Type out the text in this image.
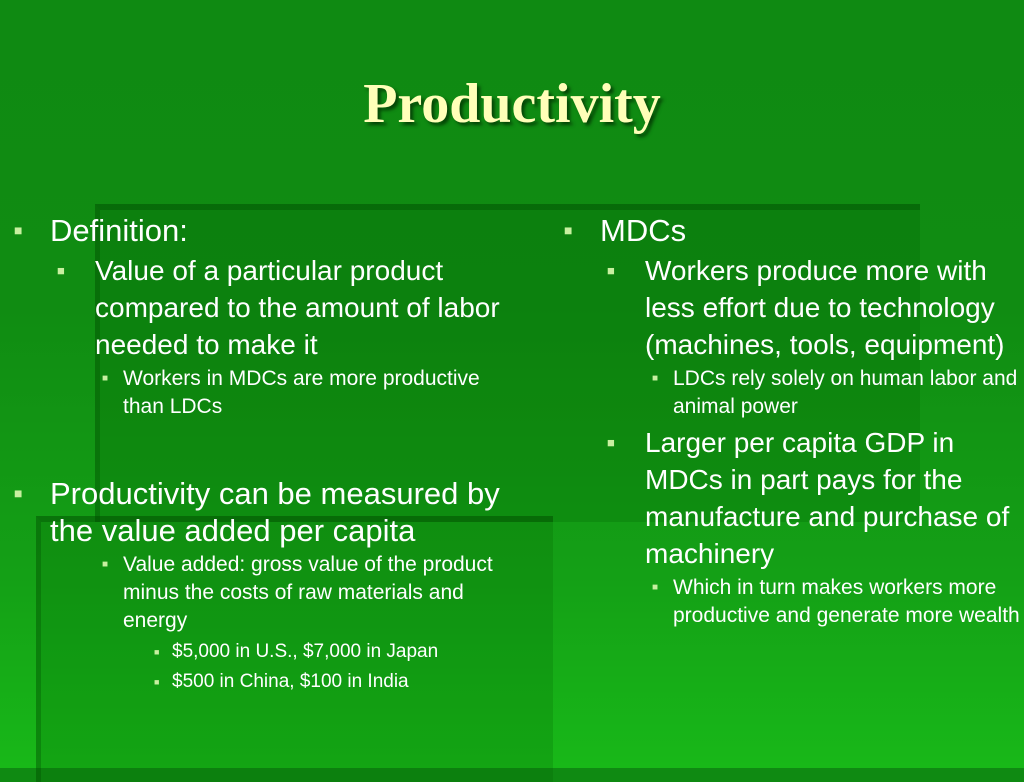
Productivity
■ Definition:
■ Value of a particular product compared to the amount of labor needed to make it
■ Workers in MDCs are more productive than LDCs
■ Productivity can be measured by the value added per capita
■ Value added: gross value of the product minus the costs of raw materials and energy
■ $5,000 in U.S., $7,000 in Japan
■ $500 in China, $100 in India
■ MDCs
■ Workers produce more with less effort due to technology (machines, tools, equipment)
■ LDCs rely solely on human labor and animal power
■ Larger per capita GDP in MDCs in part pays for the manufacture and purchase of machinery
■ Which in turn makes workers more productive and generate more wealth
